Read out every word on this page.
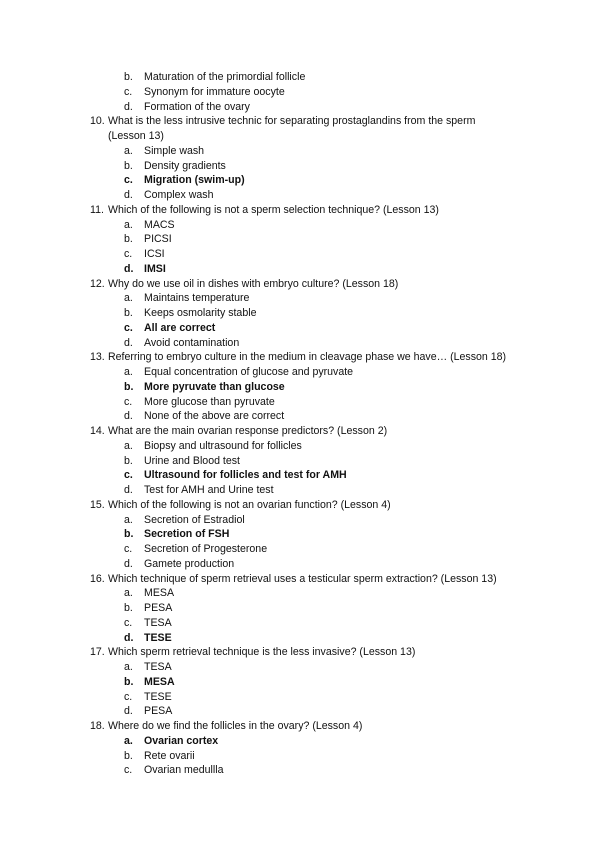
b. Maturation of the primordial follicle
c. Synonym for immature oocyte
d. Formation of the ovary
10. What is the less intrusive technic for separating prostaglandins from the sperm
(Lesson 13)
a. Simple wash
b. Density gradients
c. Migration (swim-up)
d. Complex wash
11. Which of the following is not a sperm selection technique? (Lesson 13)
a. MACS
b. PICSI
c. ICSI
d. IMSI
12. Why do we use oil in dishes with embryo culture? (Lesson 18)
a. Maintains temperature
b. Keeps osmolarity stable
c. All are correct
d. Avoid contamination
13. Referring to embryo culture in the medium in cleavage phase we have… (Lesson 18)
a. Equal concentration of glucose and pyruvate
b. More pyruvate than glucose
c. More glucose than pyruvate
d. None of the above are correct
14. What are the main ovarian response predictors? (Lesson 2)
a. Biopsy and ultrasound for follicles
b. Urine and Blood test
c. Ultrasound for follicles and test for AMH
d. Test for AMH and Urine test
15. Which of the following is not an ovarian function? (Lesson 4)
a. Secretion of Estradiol
b. Secretion of FSH
c. Secretion of Progesterone
d. Gamete production
16. Which technique of sperm retrieval uses a testicular sperm extraction? (Lesson 13)
a. MESA
b. PESA
c. TESA
d. TESE
17. Which sperm retrieval technique is the less invasive? (Lesson 13)
a. TESA
b. MESA
c. TESE
d. PESA
18. Where do we find the follicles in the ovary? (Lesson 4)
a. Ovarian cortex
b. Rete ovarii
c. Ovarian medullla
